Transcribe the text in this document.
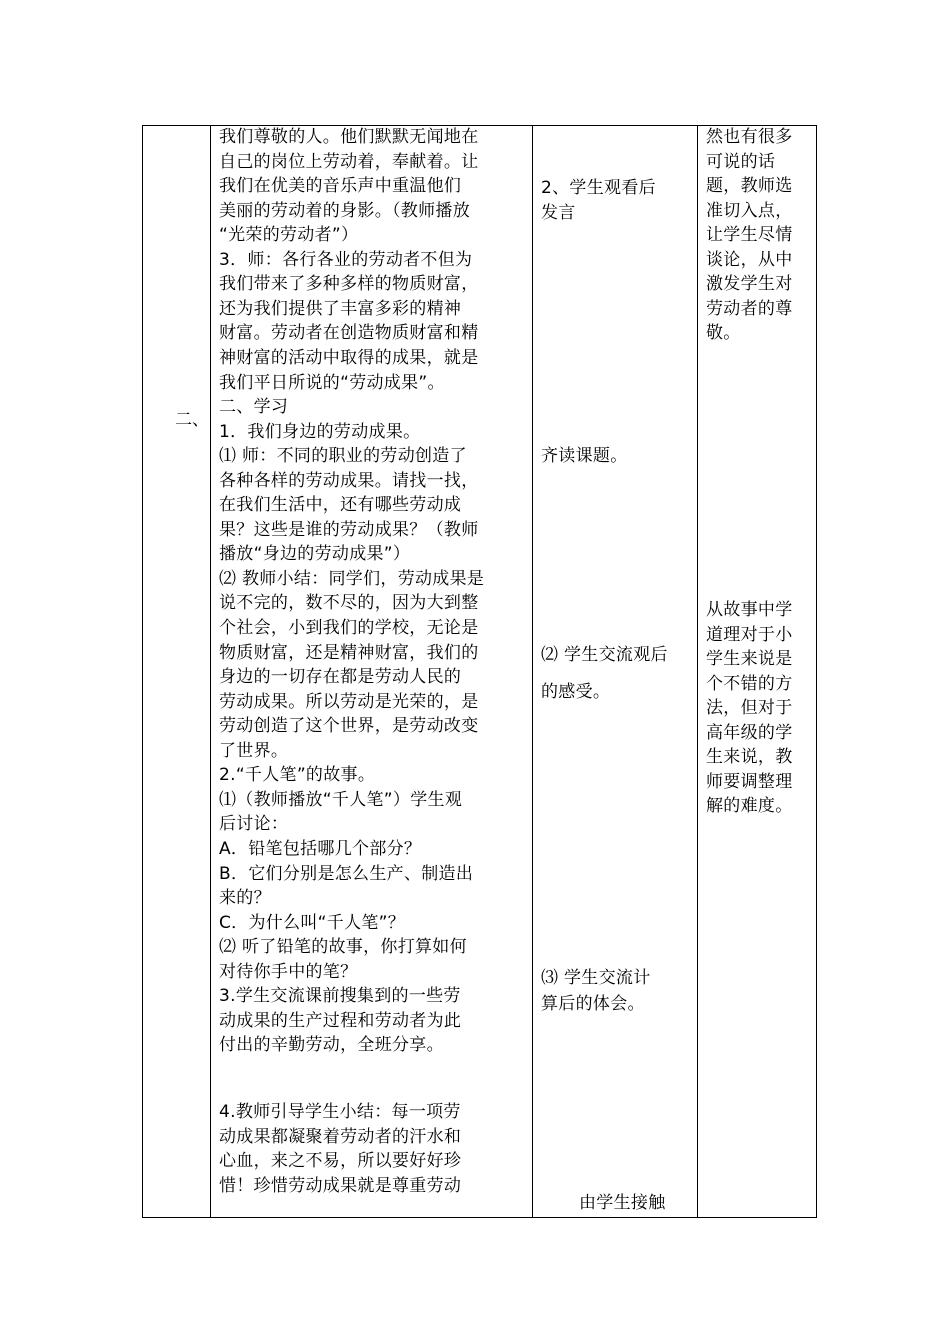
二、

我们尊敬的人。他们默默无闻地在
自己的岗位上劳动着，奉献着。让
我们在优美的音乐声中重温他们
美丽的劳动着的身影。（教师播放
“光荣的劳动者”）
3．师：各行各业的劳动者不但为
我们带来了多种多样的物质财富，
还为我们提供了丰富多彩的精神
财富。劳动者在创造物质财富和精
神财富的活动中取得的成果，就是
我们平日所说的“劳动成果”。
二、学习
1．我们身边的劳动成果。
⑴ 师：不同的职业的劳动创造了
各种各样的劳动成果。请找一找，
在我们生活中，还有哪些劳动成
果？这些是谁的劳动成果？（教师
播放“身边的劳动成果”）
⑵ 教师小结：同学们，劳动成果是
说不完的，数不尽的，因为大到整
个社会，小到我们的学校，无论是
物质财富，还是精神财富，我们的
身边的一切存在都是劳动人民的
劳动成果。所以劳动是光荣的，是
劳动创造了这个世界，是劳动改变
了世界。
2.“千人笔”的故事。
⑴（教师播放“千人笔”）学生观
后讨论：
A．铅笔包括哪几个部分？
B．它们分别是怎么生产、制造出
来的？
C．为什么叫“千人笔”？
⑵ 听了铅笔的故事，你打算如何
对待你手中的笔？
3.学生交流课前搜集到的一些劳
动成果的生产过程和劳动者为此
付出的辛勤劳动，全班分享。
4.教师引导学生小结：每一项劳
动成果都凝聚着劳动者的汗水和
心血，来之不易，所以要好好珍
惜！珍惜劳动成果就是尊重劳动

2、学生观看后
发言
齐读课题。
⑵ 学生交流观后
的感受。
⑶ 学生交流计
算后的体会。
由学生接触

然也有很多
可说的话
题，教师选
准切入点，
让学生尽情
谈论，从中
激发学生对
劳动者的尊
敬。
从故事中学
道理对于小
学生来说是
个不错的方
法，但对于
高年级的学
生来说，教
师要调整理
解的难度。
